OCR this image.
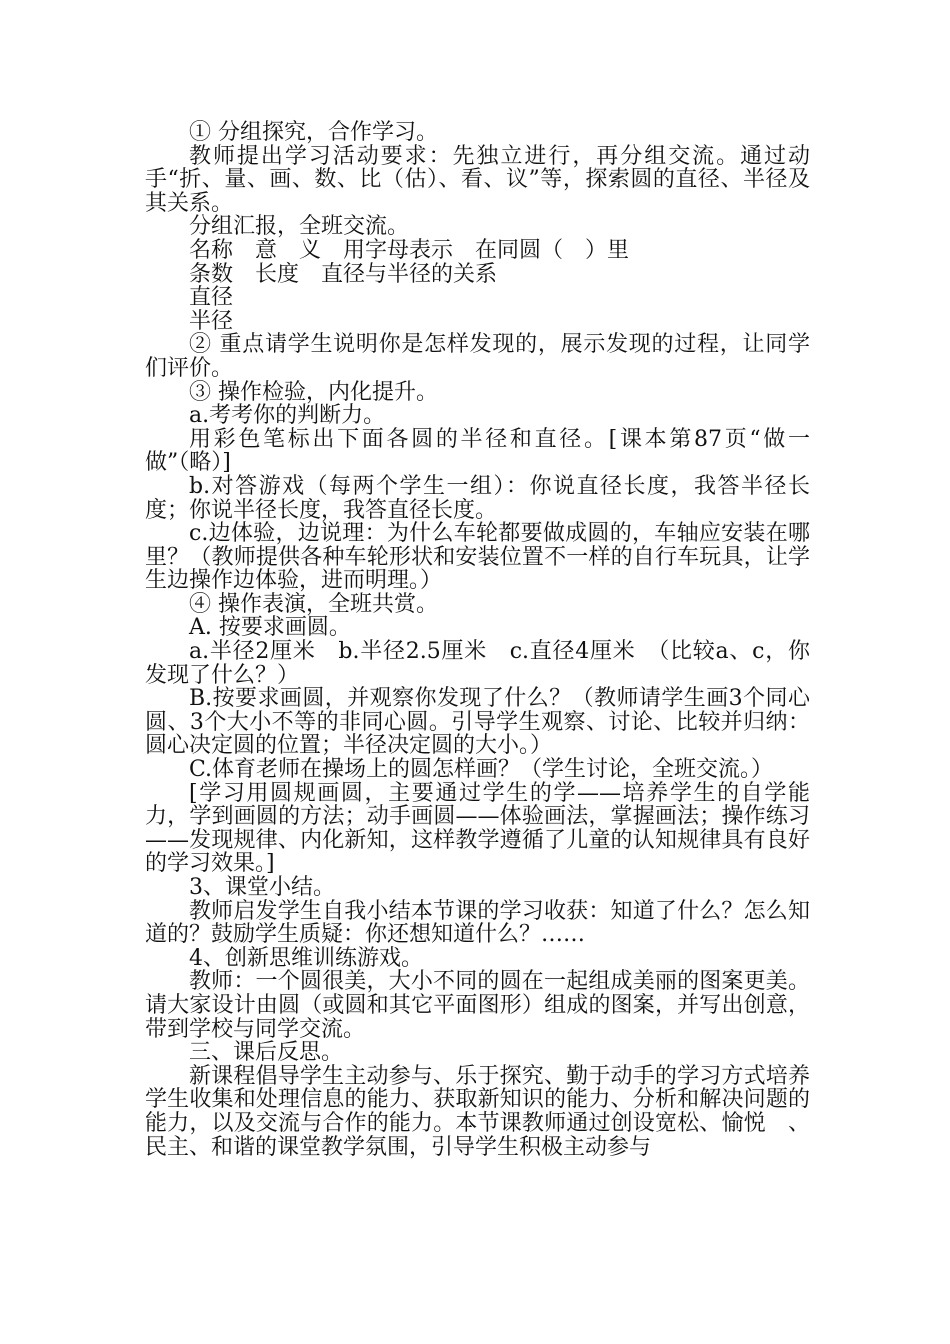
① 分组探究，合作学习。

教师提出学习活动要求：先独立进行，再分组交流。通过动手“折、量、画、数、比（估）、看、议”等，探索圆的直径、半径及其关系。

分组汇报，全班交流。

名称　意　义　用字母表示　在同圆（　）里

条数　长度　直径与半径的关系

直径

半径

② 重点请学生说明你是怎样发现的，展示发现的过程，让同学们评价。

③ 操作检验，内化提升。

a.考考你的判断力。

用彩色笔标出下面各圆的半径和直径。[课本第87页“做一做”（略）]

b.对答游戏（每两个学生一组）：你说直径长度，我答半径长度；你说半径长度，我答直径长度。

c.边体验，边说理：为什么车轮都要做成圆的，车轴应安装在哪里？（教师提供各种车轮形状和安装位置不一样的自行车玩具，让学生边操作边体验，进而明理。）

④ 操作表演，全班共赏。

A. 按要求画圆。

a.半径2厘米　b.半径2.5厘米　c.直径4厘米　（比较a、c，你发现了什么？）

B.按要求画圆，并观察你发现了什么？（教师请学生画3个同心圆、3个大小不等的非同心圆。引导学生观察、讨论、比较并归纳：圆心决定圆的位置；半径决定圆的大小。）

C.体育老师在操场上的圆怎样画？（学生讨论，全班交流。）

[学习用圆规画圆，主要通过学生的学——培养学生的自学能力，学到画圆的方法；动手画圆——体验画法，掌握画法；操作练习——发现规律、内化新知，这样教学遵循了儿童的认知规律具有良好的学习效果。]

3、课堂小结。

教师启发学生自我小结本节课的学习收获：知道了什么？怎么知道的？鼓励学生质疑：你还想知道什么？……

4、创新思维训练游戏。

教师：一个圆很美，大小不同的圆在一起组成美丽的图案更美。请大家设计由圆（或圆和其它平面图形）组成的图案，并写出创意，带到学校与同学交流。

三、课后反思。

新课程倡导学生主动参与、乐于探究、勤于动手的学习方式培养学生收集和处理信息的能力、获取新知识的能力、分析和解决问题的能力，以及交流与合作的能力。本节课教师通过创设宽松、愉悦　、民主、和谐的课堂教学氛围，引导学生积极主动参与
